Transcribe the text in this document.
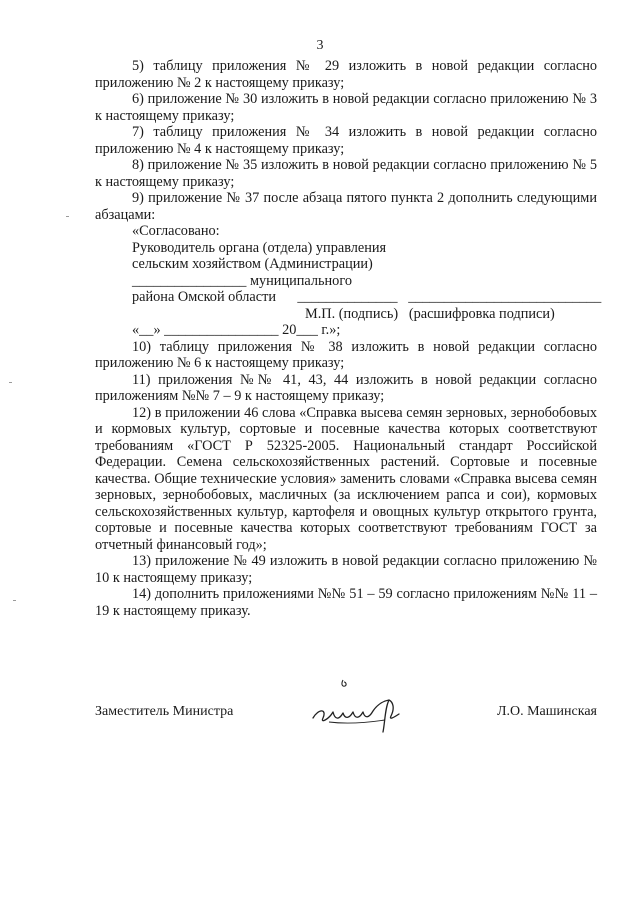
3

5) таблицу приложения № 29 изложить в новой редакции согласно приложению № 2 к настоящему приказу;

6) приложение № 30 изложить в новой редакции согласно приложению № 3 к настоящему приказу;

7) таблицу приложения № 34 изложить в новой редакции согласно приложению № 4 к настоящему приказу;

8) приложение № 35 изложить в новой редакции согласно приложению № 5 к настоящему приказу;

9) приложение № 37 после абзаца пятого пункта 2 дополнить следующими абзацами:

«Согласовано:

Руководитель органа (отдела) управления

сельским хозяйством (Администрации)

________________ муниципального

района Омской области ______________   ___________________________

М.П. (подпись)   (расшифровка подписи)

«__» ________________ 20___ г.»;

10) таблицу приложения № 38 изложить в новой редакции согласно приложению № 6 к настоящему приказу;

11) приложения №№ 41, 43, 44 изложить в новой редакции согласно приложениям №№ 7 – 9 к настоящему приказу;

12) в приложении 46 слова «Справка высева семян зерновых, зернобобовых и кормовых культур, сортовые и посевные качества которых соответствуют требованиям «ГОСТ Р 52325-2005. Национальный стандарт Российской Федерации. Семена сельскохозяйственных растений. Сортовые и посевные качества. Общие технические условия» заменить словами «Справка высева семян зерновых, зернобобовых, масличных (за исключением рапса и сои), кормовых сельскохозяйственных культур, картофеля и овощных культур открытого грунта, сортовые и посевные качества которых соответствуют требованиям ГОСТ за отчетный финансовый год»;

13) приложение № 49 изложить в новой редакции согласно приложению № 10 к настоящему приказу;

14) дополнить приложениями №№ 51 – 59 согласно приложениям №№ 11 – 19 к настоящему приказу.

Заместитель Министра	Л.О. Машинская
